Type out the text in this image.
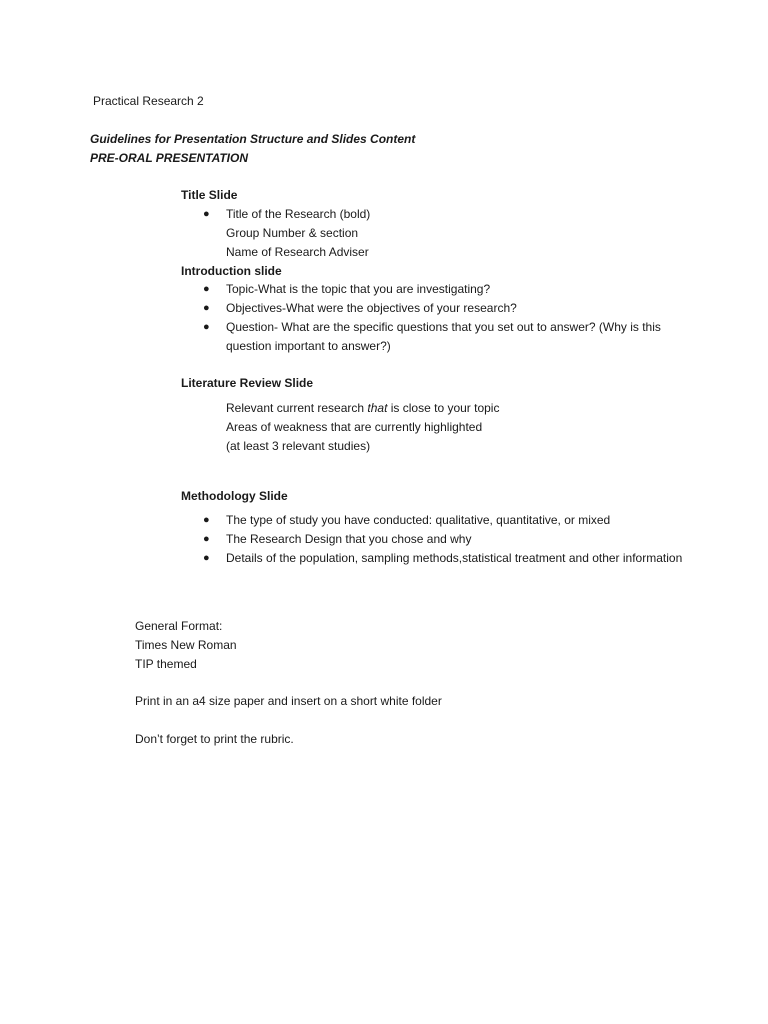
Practical Research 2
Guidelines for Presentation Structure and Slides Content
PRE-ORAL PRESENTATION
Title Slide
● Title of the Research (bold)
Group Number & section
Name of Research Adviser
Introduction slide
● Topic-What is the topic that you are investigating?
● Objectives-What were the objectives of your research?
● Question- What are the specific questions that you set out to answer? (Why is this
question important to answer?)
Literature Review Slide
Relevant current research that is close to your topic
Areas of weakness that are currently highlighted
(at least 3 relevant studies)
Methodology Slide
● The type of study you have conducted: qualitative, quantitative, or mixed
● The Research Design that you chose and why
● Details of the population, sampling methods,statistical treatment and other information
General Format:
Times New Roman
TIP themed
Print in an a4 size paper and insert on a short white folder
Don’t forget to print the rubric.
